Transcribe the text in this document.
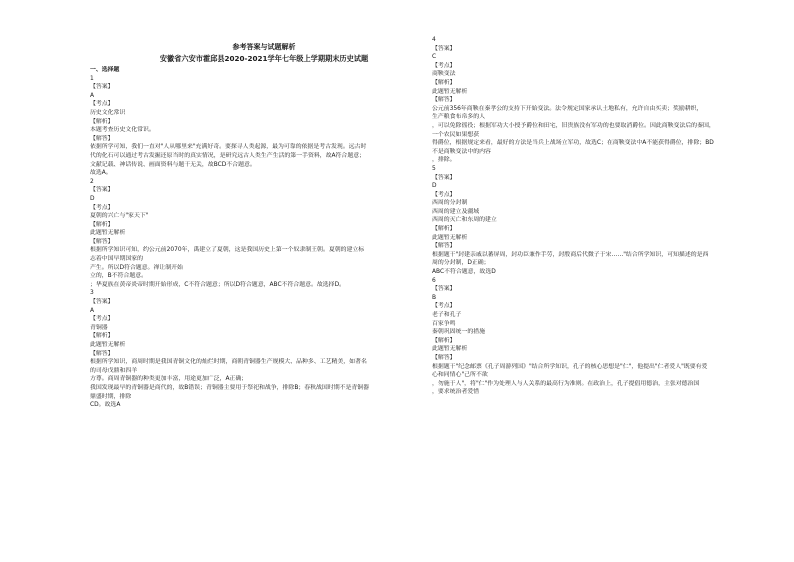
参考答案与试题解析
安徽省六安市霍邱县2020-2021学年七年级上学期期末历史试题
一、选择题
1
【答案】
A
【考点】
历史文化常识
【解析】
本题考查历史文化常识。
【解答】
依据所学可知，我们一直对"人从哪里来"充满好奇。要探寻人类起源，最为可靠的依据是考古发现。远古时
代的化石可以通过考古发掘还原当时的真实情况，是研究远古人类生产生活的第一手资料，故A符合题意；
文献记载、神话传说、画面资料与题干无关，故BCD不合题意。
故选A。
2
【答案】
D
【考点】
夏朝的兴亡与"家天下"
【解析】
此题暂无解析
【解答】
根据所学知识可知，约公元前2070年，禹建立了夏朝，这是我国历史上第一个奴隶制王朝。夏朝的建立标
志着中国早期国家的
产生。所以D符合题意。禅让制开始
立的，B不符合题意。
；华夏族在黄帝炎帝时期开始形成，C不符合题意；所以D符合题意，ABC不符合题意。故选择D。
3
【答案】
A
【考点】
青铜器
【解析】
此题暂无解析
【解答】
根据所学知识，商周时期是我国青铜文化的灿烂时期，商朝青铜器生产规模大、品种多、工艺精美，如著名
的司母戊鼎和四羊
方尊。商周青铜器的种类更加丰富，用途更加广泛，A正确；
我国发现最早的青铜器是商代的，故B错误；青铜器主要用于祭祀和战争，排除B；春秋战国时期不是青铜器
鼎盛时期，排除
CD。故选A
4
【答案】
C
【考点】
商鞅变法
【解析】
此题暂无解析
【解答】
公元前356年商鞅在秦孝公的支持下开始变法。法令规定国家承认土地私有，允许自由买卖；奖励耕织，
生产粮食布帛多的人
，可以免除徭役；根据军功大小授予爵位和田宅，旧贵族没有军功的也要取消爵位。因此商鞅变法后的秦国，
一个农民如果想获
得爵位，根据规定来看，最好的方法是当兵上战场立军功，故选C；在商鞅变法中A不能获得爵位，排除；BD
不是商鞅变法中的内容
，排除。
5
【答案】
D
【考点】
西周的分封制
西周的建立及疆域
西周的灭亡和东周的建立
【解析】
此题暂无解析
【解答】
根据题干"封建亲戚以蕃屏周，封功臣兼作手劳，封殷商后代微子于宋……"结合所学知识，可知描述的是西
周的分封制，D正确；
ABC不符合题意，故选D
6
【答案】
B
【考点】
老子和孔子
百家争鸣
秦朝巩固统一的措施
【解析】
此题暂无解析
【解答】
根据题干"纪念邮票《孔子周游列国》"结合所学知识，孔子的核心思想是"仁"，他提出"仁者爱人"既要有爱
心和同情心"己所不欲
，勿施于人"，将"仁"作为处理人与人关系的最高行为准则。在政治上，孔子提倡用德治，主张对德治国
，要求统治者爱惜
